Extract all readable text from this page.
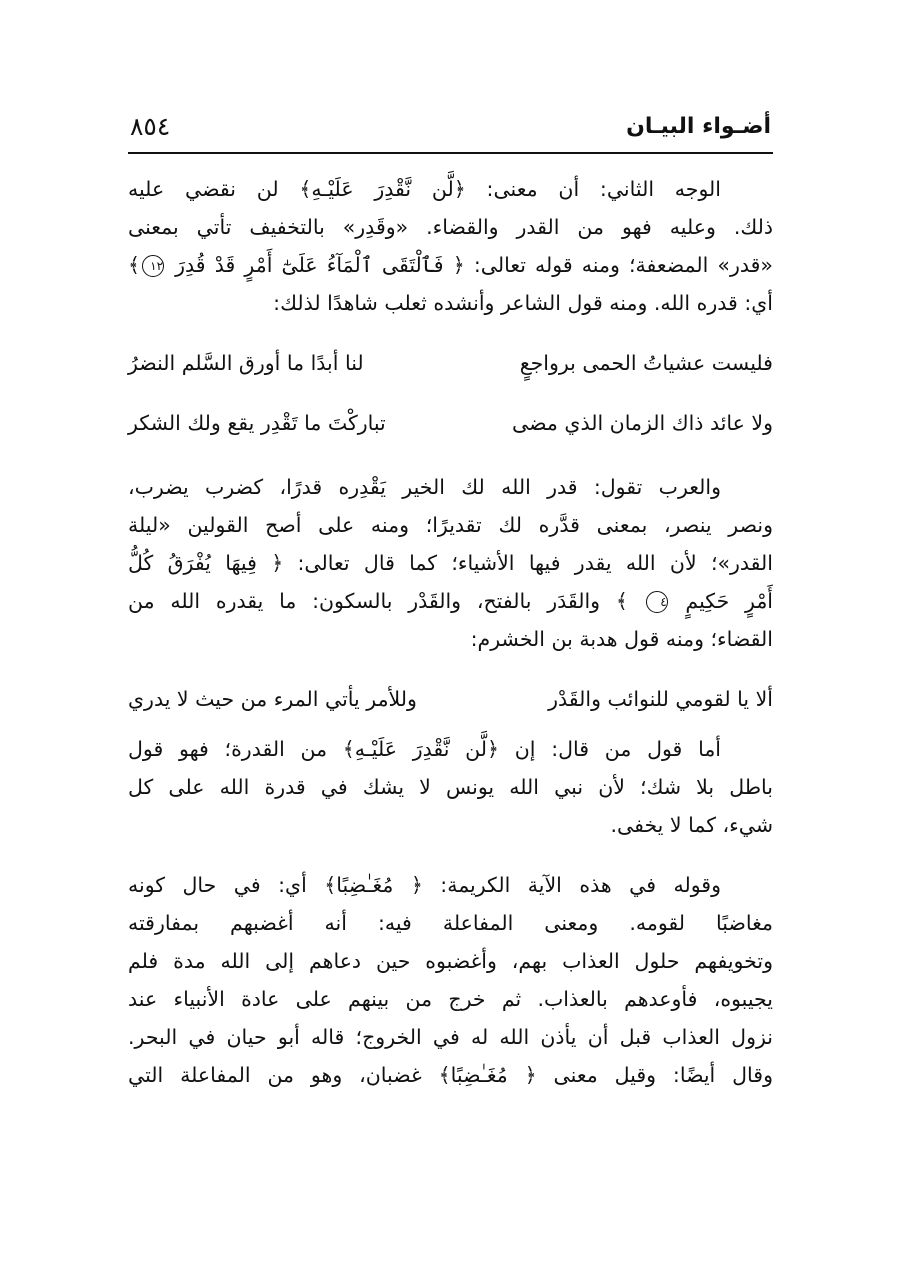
أضـواء البيـان
٨٥٤

الوجه الثاني: أن معنى: ﴿لَّن نَّقْدِرَ عَلَيْـهِ﴾ لن نقضي عليه

ذلك. وعليه فهو من القدر والقضاء. «وقَدِر» بالتخفيف تأتي بمعنى

«قدر» المضعفة؛ ومنه قوله تعالى: ﴿ فَٱلْتَقَى ٱلْمَآءُ عَلَىٰٓ أَمْرٍ قَدْ قُدِرَ ١٢﴾

أي: قدره الله. ومنه قول الشاعر وأنشده ثعلب شاهدًا لذلك:

فليست عشياتُ الحمى برواجعٍ
لنا أبدًا ما أورق السَّلم النضرُ
ولا عائد ذاك الزمان الذي مضى
تباركْتَ ما تَقْدِر يقع ولك الشكر

والعرب تقول: قدر الله لك الخير يَقْدِره قدرًا، كضرب يضرب،

ونصر ينصر، بمعنى قدَّره لك تقديرًا؛ ومنه على أصح القولين «ليلة

القدر»؛ لأن الله يقدر فيها الأشياء؛ كما قال تعالى: ﴿ فِيهَا يُفْرَقُ كُلُّ

أَمْرٍ حَكِيمٍ ٤ ﴾ والقَدَر بالفتح، والقَدْر بالسكون: ما يقدره الله من

القضاء؛ ومنه قول هدبة بن الخشرم:

ألا يا لقومي للنوائب والقَدْر
وللأمر يأتي المرء من حيث لا يدري

أما قول من قال: إن ﴿لَّن نَّقْدِرَ عَلَيْـهِ﴾ من القدرة؛ فهو قول

باطل بلا شك؛ لأن نبي الله يونس لا يشك في قدرة الله على كل

شيء، كما لا يخفى.

وقوله في هذه الآية الكريمة: ﴿ مُغَـٰضِبًا﴾ أي: في حال كونه

مغاضبًا لقومه. ومعنى المفاعلة فيه: أنه أغضبهم بمفارقته

وتخويفهم حلول العذاب بهم، وأغضبوه حين دعاهم إلى الله مدة فلم

يجيبوه، فأوعدهم بالعذاب. ثم خرج من بينهم على عادة الأنبياء عند

نزول العذاب قبل أن يأذن الله له في الخروج؛ قاله أبو حيان في البحر.

وقال أيضًا: وقيل معنى ﴿ مُغَـٰضِبًا﴾ غضبان، وهو من المفاعلة التي
